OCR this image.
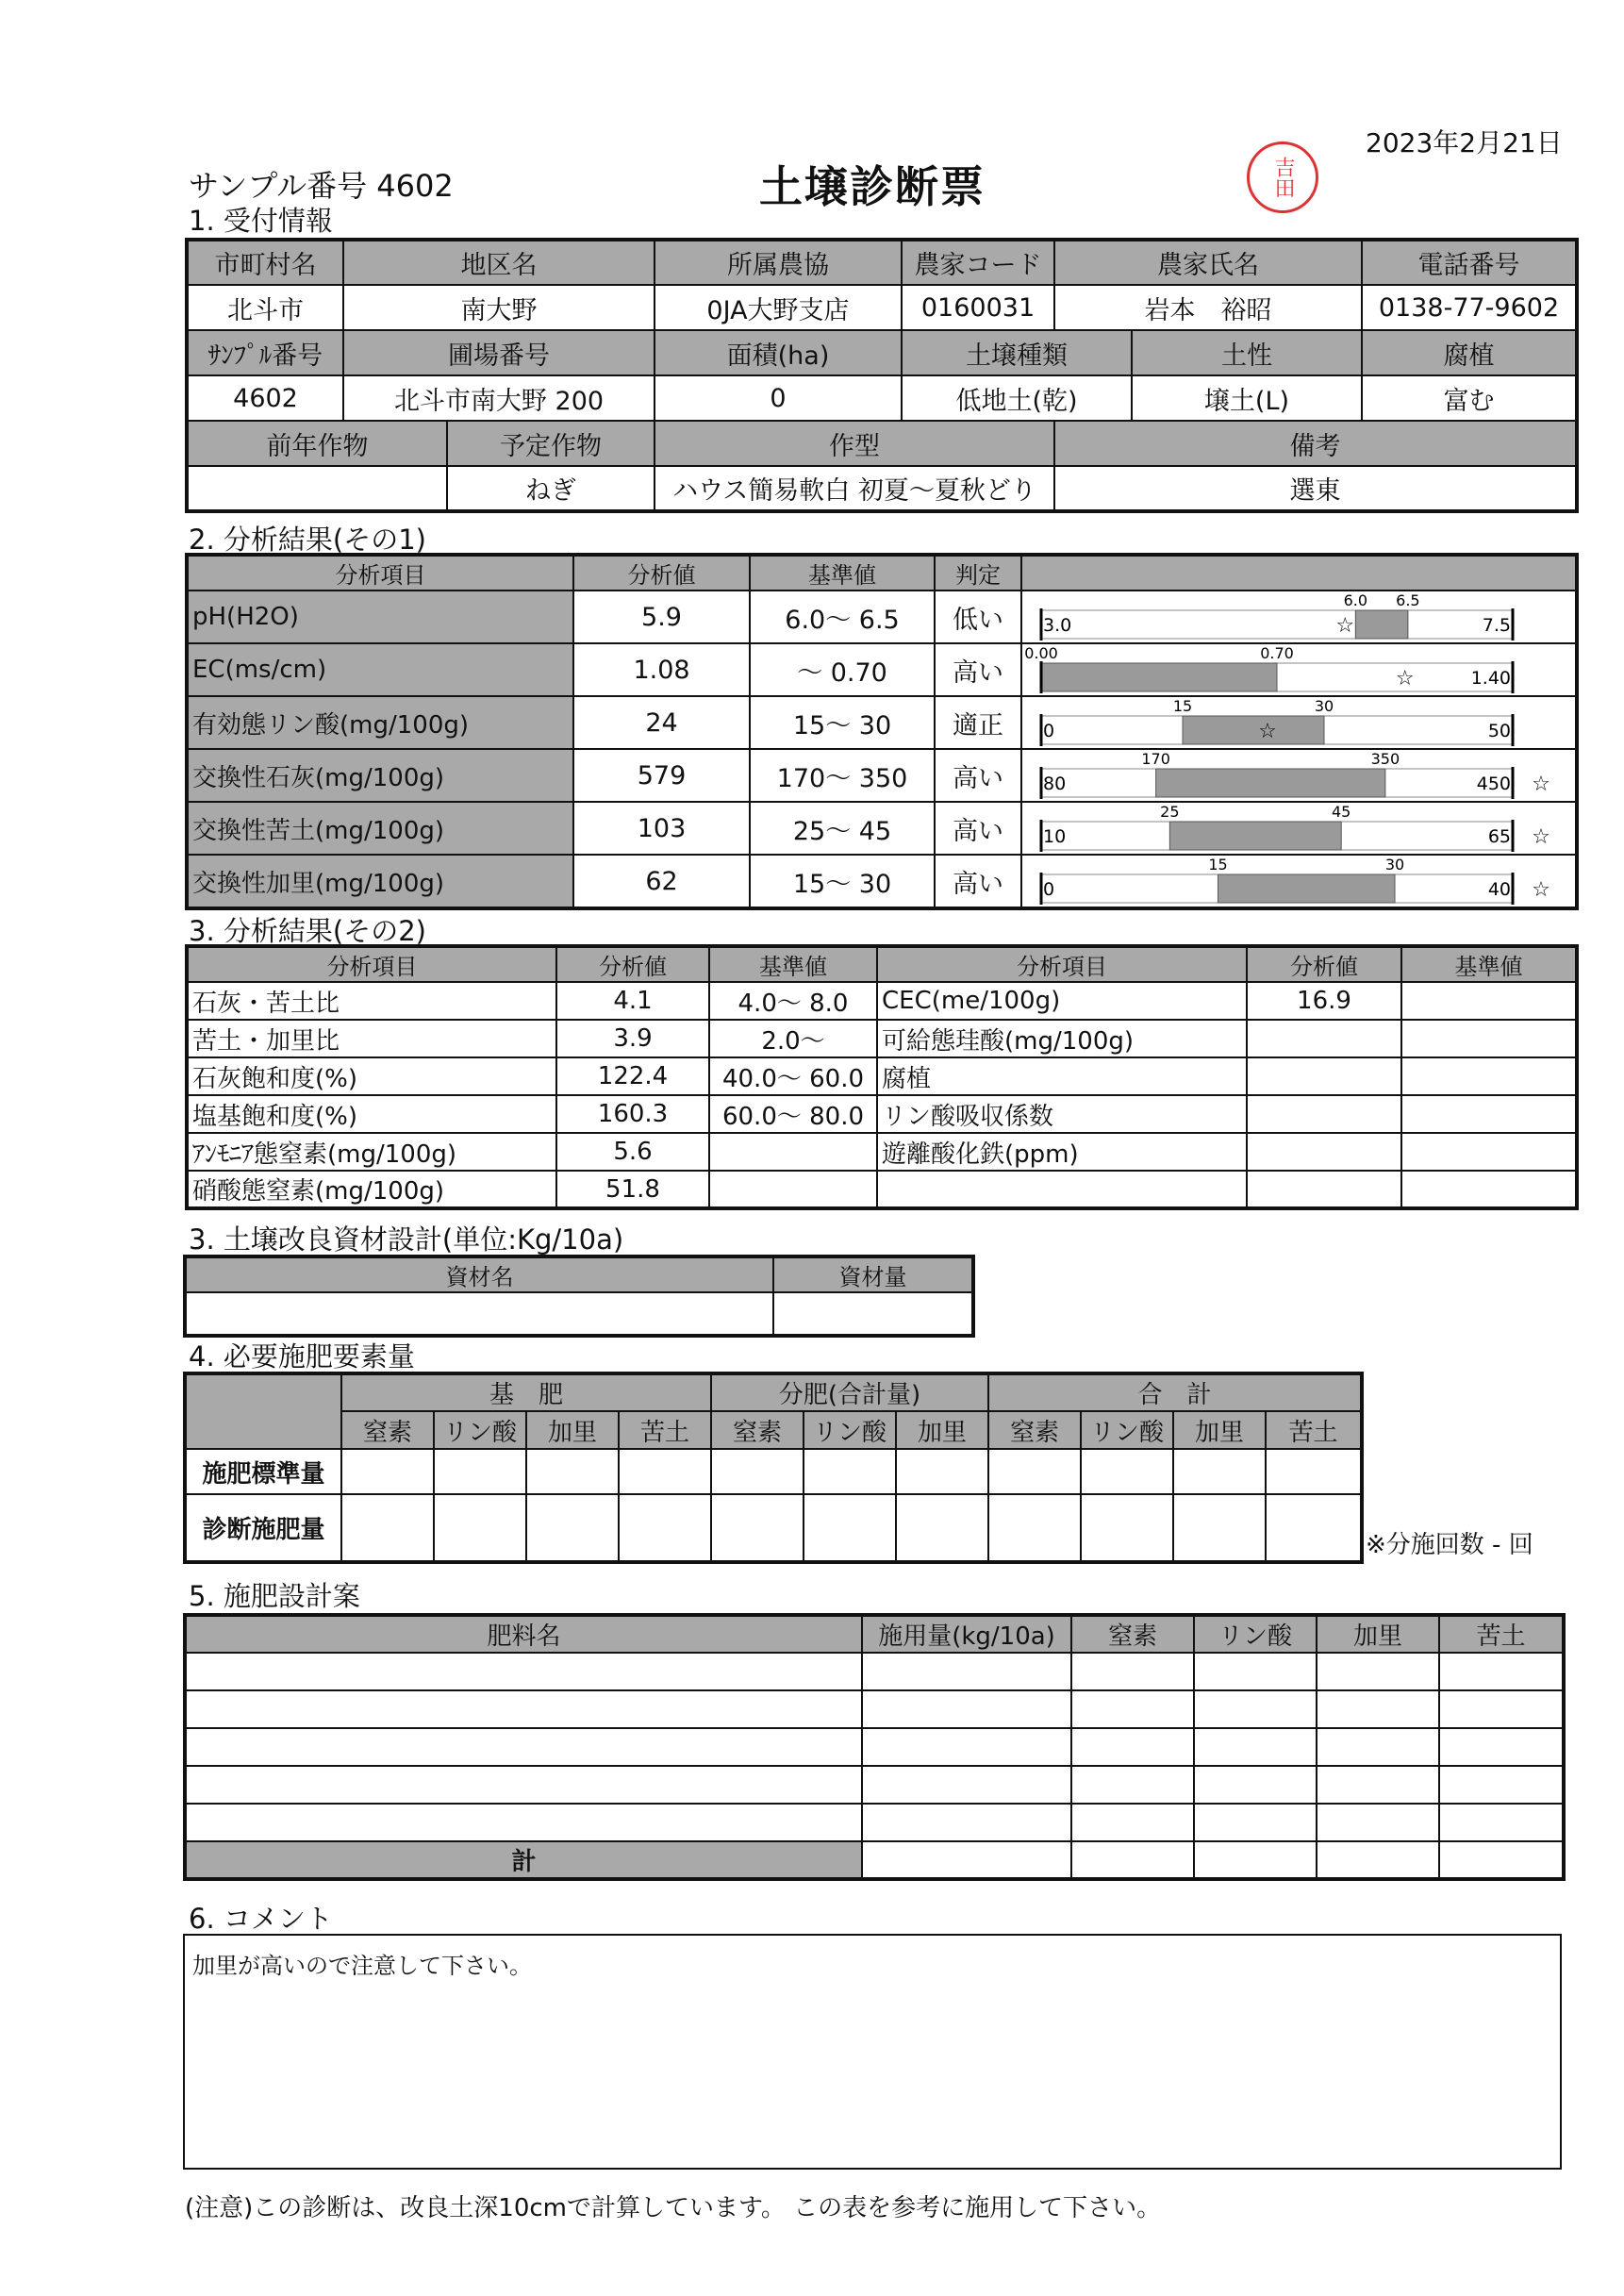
2023年2月21日
サンプル番号 4602	土壌診断票	吉田
1. 受付情報
市町村名	地区名		所属農協	農家コード	農家氏名		電話番号
北斗市	南大野		0JA大野支店	0160031	岩本　裕昭		0138-77-9602
ｻﾝﾌﾟﾙ番号	圃場番号		面積(ha)	土壌種類		土性	腐植
4602	北斗市南大野 200		0	低地土(乾)		壌土(L)	富む
前年作物		予定作物	作型		備考		
		ねぎ	ハウス簡易軟白 初夏～夏秋どり		選東		
2. 分析結果(その1)
分析項目	分析値	基準値	判定	
pH(H2O)	5.9	6.0～ 6.5	低い	6.0 6.5
3.0 7.5
☆

EC(ms/cm)	1.08	～ 0.70	高い	0.00 0.70
1.40
☆

有効態リン酸(mg/100g)	24	15～ 30	適正	15 30
0 50
☆

交換性石灰(mg/100g)	579	170～ 350	高い	170 350
80 450 ☆

交換性苦土(mg/100g)	103	25～ 45	高い	25 45
10 65 ☆

交換性加里(mg/100g)	62	15～ 30	高い	15 30
0 40 ☆
3. 分析結果(その2)
分析項目	分析値	基準値	分析項目	分析値	基準値
石灰・苦土比	4.1	4.0～ 8.0	CEC(me/100g)	16.9	
苦土・加里比	3.9	2.0～	可給態珪酸(mg/100g)		
石灰飽和度(%)	122.4	40.0～ 60.0	腐植		
塩基飽和度(%)	160.3	60.0～ 80.0	リン酸吸収係数		
ｱﾝﾓﾆｱ態窒素(mg/100g)	5.6		遊離酸化鉄(ppm)		
硝酸態窒素(mg/100g)	51.8				
3. 土壌改良資材設計(単位:Kg/10a)
資材名	資材量

4. 必要施肥要素量
	基　肥				分肥(合計量)			合　計			
	窒素	リン酸	加里	苦土	窒素	リン酸	加里	窒素	リン酸	加里	苦土
施肥標準量											
診断施肥量											
※分施回数 - 回
5. 施肥設計案
肥料名	施用量(kg/10a)	窒素	リン酸	加里	苦土

計					
6. コメント
加里が高いので注意して下さい。
(注意)この診断は、改良土深10cmで計算しています。 この表を参考に施用して下さい。
